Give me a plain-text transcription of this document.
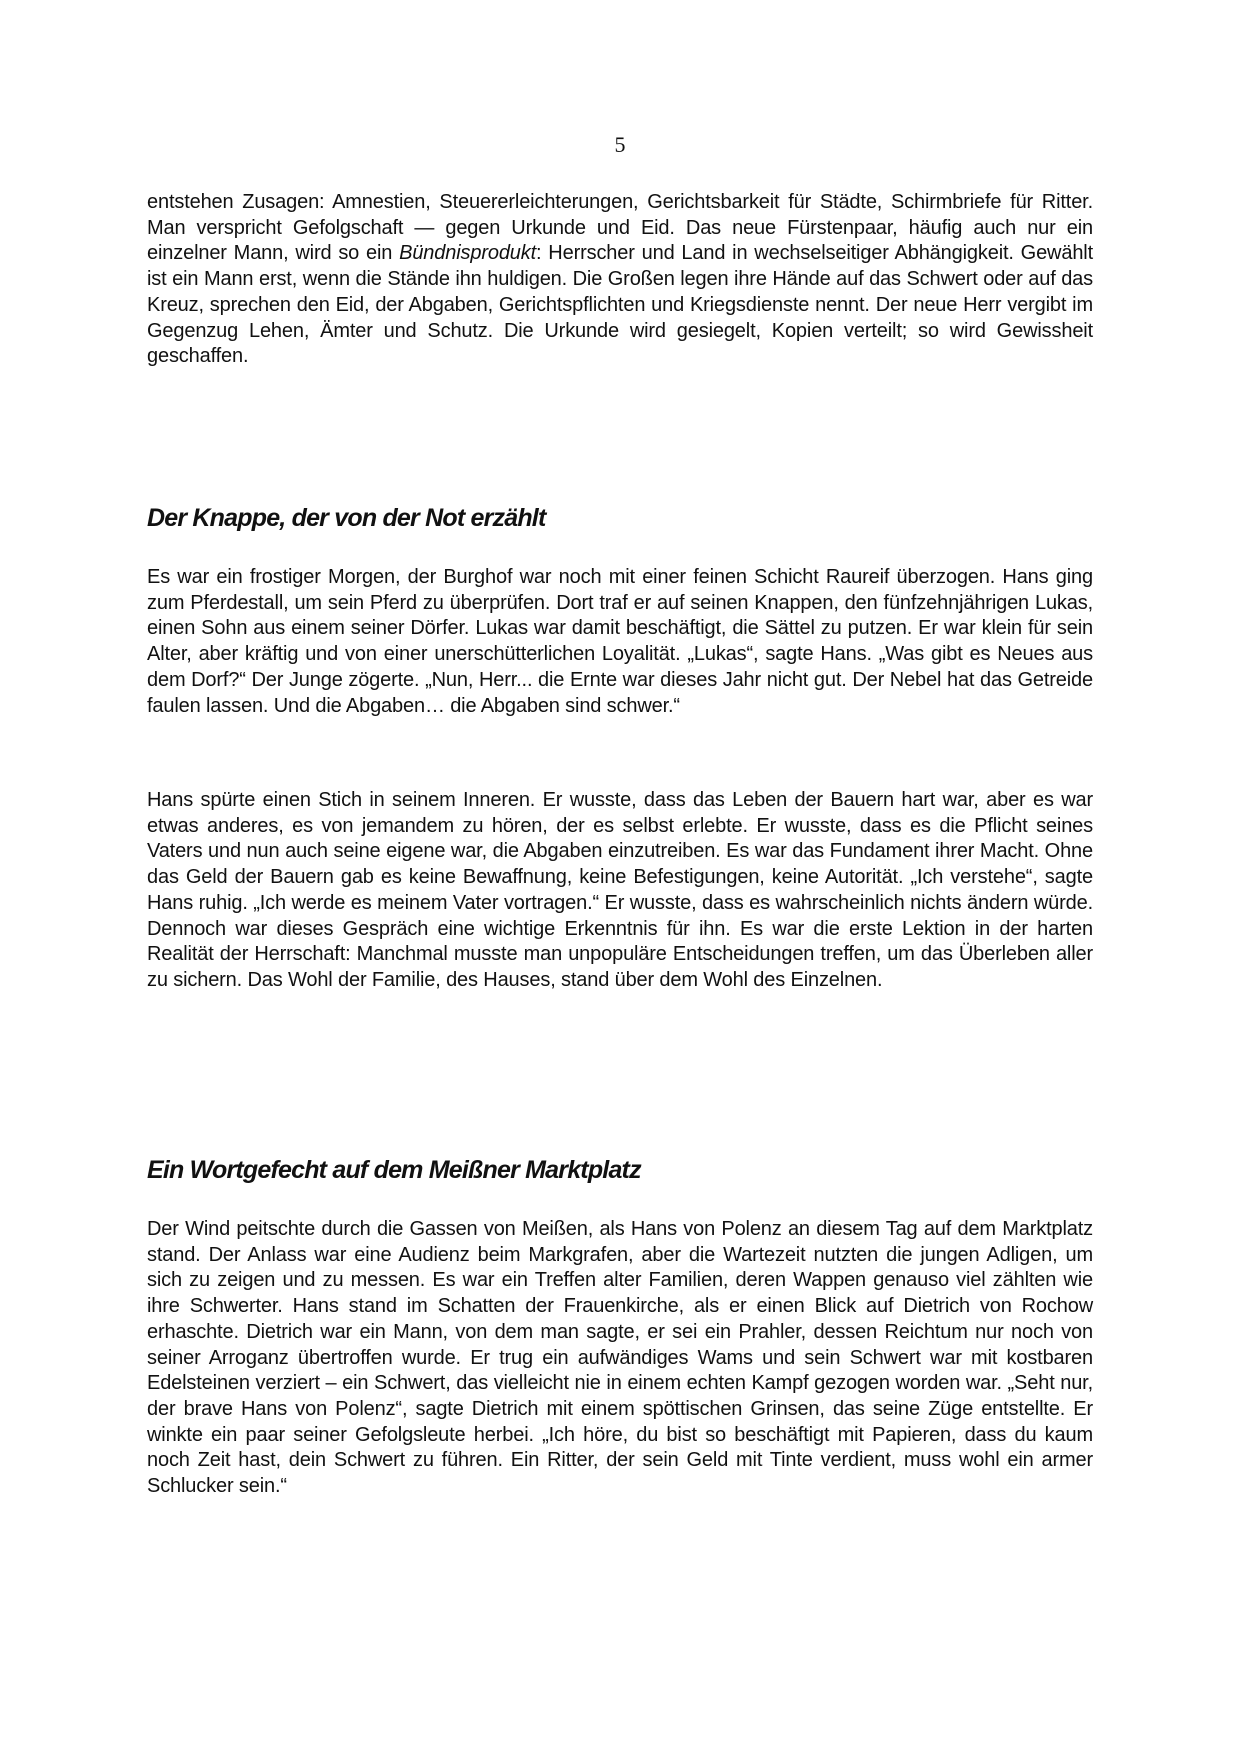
5

entstehen Zusagen: Amnestien, Steuererleichterungen, Gerichtsbarkeit für Städte, Schirmbriefe für Ritter. Man verspricht Gefolgschaft — gegen Urkunde und Eid. Das neue Fürstenpaar, häufig auch nur ein einzelner Mann, wird so ein Bündnisprodukt: Herrscher und Land in wechselseitiger Abhängigkeit. Gewählt ist ein Mann erst, wenn die Stände ihn huldigen. Die Großen legen ihre Hände auf das Schwert oder auf das Kreuz, sprechen den Eid, der Abgaben, Gerichtspflichten und Kriegsdienste nennt. Der neue Herr vergibt im Gegenzug Lehen, Ämter und Schutz. Die Urkunde wird gesiegelt, Kopien verteilt; so wird Gewissheit geschaffen.

Der Knappe, der von der Not erzählt

Es war ein frostiger Morgen, der Burghof war noch mit einer feinen Schicht Raureif überzogen. Hans ging zum Pferdestall, um sein Pferd zu überprüfen. Dort traf er auf seinen Knappen, den fünfzehnjährigen Lukas, einen Sohn aus einem seiner Dörfer. Lukas war damit beschäftigt, die Sättel zu putzen. Er war klein für sein Alter, aber kräftig und von einer unerschütterlichen Loyalität. „Lukas“, sagte Hans. „Was gibt es Neues aus dem Dorf?“ Der Junge zögerte. „Nun, Herr... die Ernte war dieses Jahr nicht gut. Der Nebel hat das Getreide faulen lassen. Und die Abgaben… die Abgaben sind schwer.“

Hans spürte einen Stich in seinem Inneren. Er wusste, dass das Leben der Bauern hart war, aber es war etwas anderes, es von jemandem zu hören, der es selbst erlebte. Er wusste, dass es die Pflicht seines Vaters und nun auch seine eigene war, die Abgaben einzutreiben. Es war das Fundament ihrer Macht. Ohne das Geld der Bauern gab es keine Bewaffnung, keine Befestigungen, keine Autorität. „Ich verstehe“, sagte Hans ruhig. „Ich werde es meinem Vater vortragen.“ Er wusste, dass es wahrscheinlich nichts ändern würde. Dennoch war dieses Gespräch eine wichtige Erkenntnis für ihn. Es war die erste Lektion in der harten Realität der Herrschaft: Manchmal musste man unpopuläre Entscheidungen treffen, um das Überleben aller zu sichern. Das Wohl der Familie, des Hauses, stand über dem Wohl des Einzelnen.

Ein Wortgefecht auf dem Meißner Marktplatz

Der Wind peitschte durch die Gassen von Meißen, als Hans von Polenz an diesem Tag auf dem Marktplatz stand. Der Anlass war eine Audienz beim Markgrafen, aber die Wartezeit nutzten die jungen Adligen, um sich zu zeigen und zu messen. Es war ein Treffen alter Familien, deren Wappen genauso viel zählten wie ihre Schwerter. Hans stand im Schatten der Frauenkirche, als er einen Blick auf Dietrich von Rochow erhaschte. Dietrich war ein Mann, von dem man sagte, er sei ein Prahler, dessen Reichtum nur noch von seiner Arroganz übertroffen wurde. Er trug ein aufwändiges Wams und sein Schwert war mit kostbaren Edelsteinen verziert – ein Schwert, das vielleicht nie in einem echten Kampf gezogen worden war. „Seht nur, der brave Hans von Polenz“, sagte Dietrich mit einem spöttischen Grinsen, das seine Züge entstellte. Er winkte ein paar seiner Gefolgsleute herbei. „Ich höre, du bist so beschäftigt mit Papieren, dass du kaum noch Zeit hast, dein Schwert zu führen. Ein Ritter, der sein Geld mit Tinte verdient, muss wohl ein armer Schlucker sein.“
